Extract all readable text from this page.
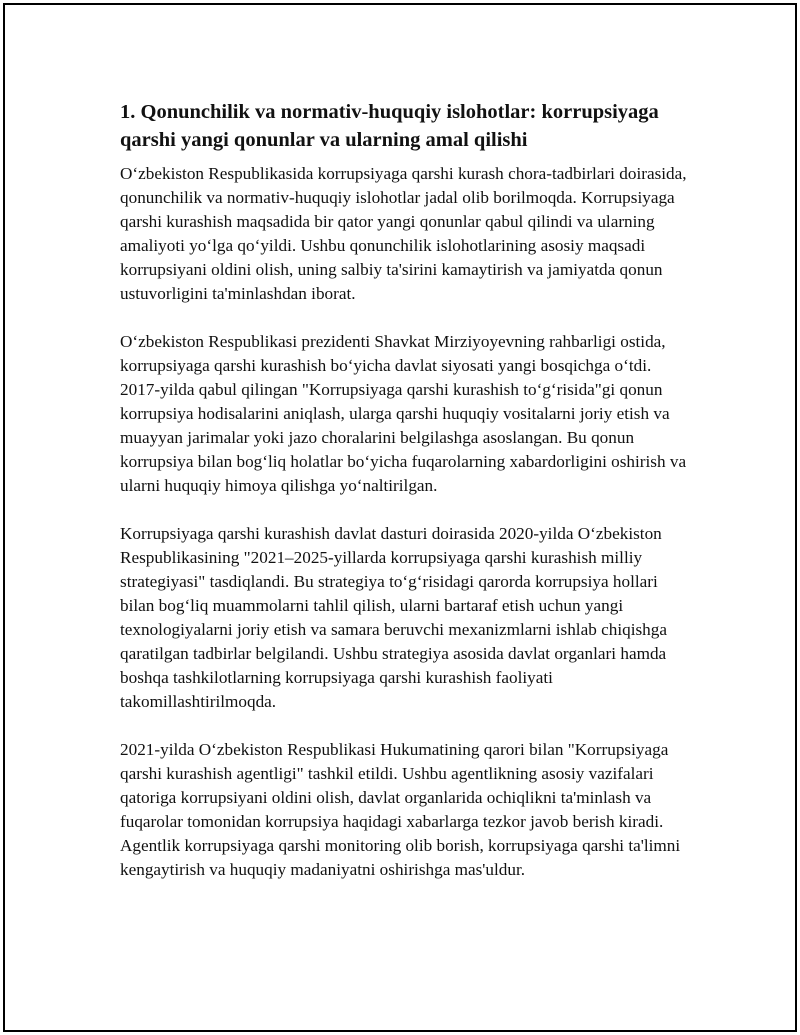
1. Qonunchilik va normativ-huquqiy islohotlar: korrupsiyaga qarshi yangi qonunlar va ularning amal qilishi

O‘zbekiston Respublikasida korrupsiyaga qarshi kurash chora-tadbirlari doirasida, qonunchilik va normativ-huquqiy islohotlar jadal olib borilmoqda. Korrupsiyaga qarshi kurashish maqsadida bir qator yangi qonunlar qabul qilindi va ularning amaliyoti yo‘lga qo‘yildi. Ushbu qonunchilik islohotlarining asosiy maqsadi korrupsiyani oldini olish, uning salbiy ta'sirini kamaytirish va jamiyatda qonun ustuvorligini ta'minlashdan iborat.

O‘zbekiston Respublikasi prezidenti Shavkat Mirziyoyevning rahbarligi ostida, korrupsiyaga qarshi kurashish bo‘yicha davlat siyosati yangi bosqichga o‘tdi. 2017-yilda qabul qilingan "Korrupsiyaga qarshi kurashish to‘g‘risida"gi qonun korrupsiya hodisalarini aniqlash, ularga qarshi huquqiy vositalarni joriy etish va muayyan jarimalar yoki jazo choralarini belgilashga asoslangan. Bu qonun korrupsiya bilan bog‘liq holatlar bo‘yicha fuqarolarning xabardorligini oshirish va ularni huquqiy himoya qilishga yo‘naltirilgan.

Korrupsiyaga qarshi kurashish davlat dasturi doirasida 2020-yilda O‘zbekiston Respublikasining "2021–2025-yillarda korrupsiyaga qarshi kurashish milliy strategiyasi" tasdiqlandi. Bu strategiya to‘g‘risidagi qarorda korrupsiya hollari bilan bog‘liq muammolarni tahlil qilish, ularni bartaraf etish uchun yangi texnologiyalarni joriy etish va samara beruvchi mexanizmlarni ishlab chiqishga qaratilgan tadbirlar belgilandi. Ushbu strategiya asosida davlat organlari hamda boshqa tashkilotlarning korrupsiyaga qarshi kurashish faoliyati takomillashtirilmoqda.

2021-yilda O‘zbekiston Respublikasi Hukumatining qarori bilan "Korrupsiyaga qarshi kurashish agentligi" tashkil etildi. Ushbu agentlikning asosiy vazifalari qatoriga korrupsiyani oldini olish, davlat organlarida ochiqlikni ta'minlash va fuqarolar tomonidan korrupsiya haqidagi xabarlarga tezkor javob berish kiradi. Agentlik korrupsiyaga qarshi monitoring olib borish, korrupsiyaga qarshi ta'limni kengaytirish va huquqiy madaniyatni oshirishga mas'uldur.
